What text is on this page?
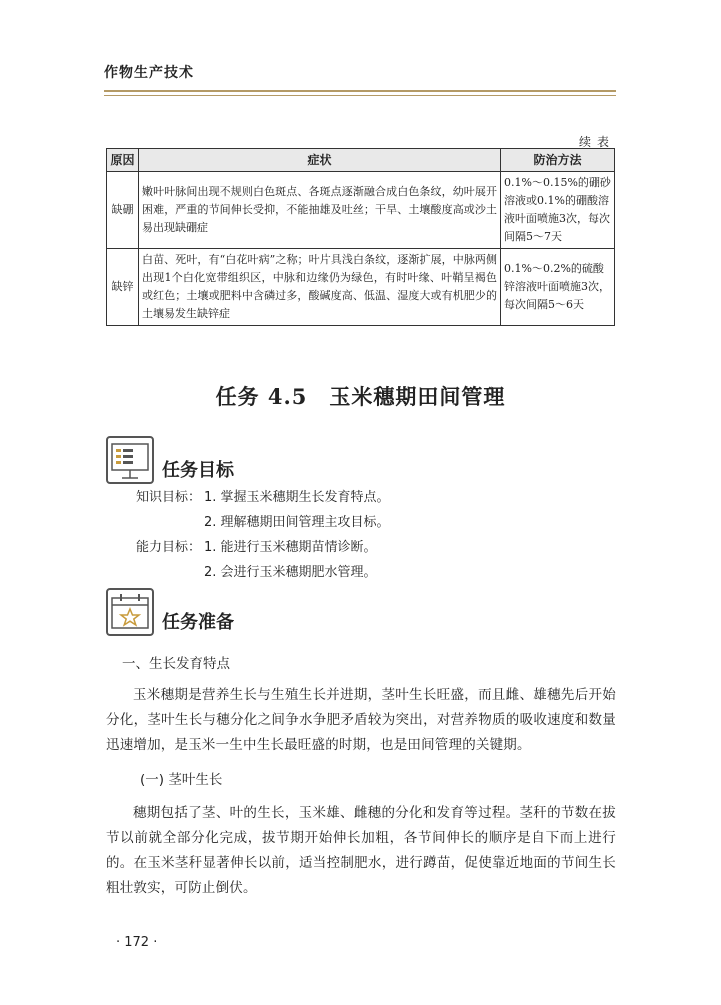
作物生产技术
续表
原因	症状	防治方法
缺硼	嫩叶叶脉间出现不规则白色斑点、各斑点逐渐融合成白色条纹，幼叶展开困难，严重的节间伸长受抑，不能抽雄及吐丝；干旱、土壤酸度高或沙土易出现缺硼症	0.1%～0.15%的硼砂溶液或0.1%的硼酸溶液叶面喷施3次，每次间隔5～7天
缺锌	白苗、死叶，有“白花叶病”之称；叶片具浅白条纹，逐渐扩展，中脉两侧出现1个白化宽带组织区，中脉和边缘仍为绿色，有时叶缘、叶鞘呈褐色或红色；土壤或肥料中含磷过多，酸碱度高、低温、湿度大或有机肥少的土壤易发生缺锌症	0.1%～0.2%的硫酸锌溶液叶面喷施3次，每次间隔5～6天
任务 4.5　玉米穗期田间管理
任务目标
知识目标： 1. 掌握玉米穗期生长发育特点。
2. 理解穗期田间管理主攻目标。
能力目标： 1. 能进行玉米穗期苗情诊断。
2. 会进行玉米穗期肥水管理。
任务准备
一、生长发育特点
玉米穗期是营养生长与生殖生长并进期，茎叶生长旺盛，而且雌、雄穗先后开始分化，茎叶生长与穗分化之间争水争肥矛盾较为突出，对营养物质的吸收速度和数量迅速增加，是玉米一生中生长最旺盛的时期，也是田间管理的关键期。
(一) 茎叶生长
穗期包括了茎、叶的生长，玉米雄、雌穗的分化和发育等过程。茎秆的节数在拔节以前就全部分化完成，拔节期开始伸长加粗，各节间伸长的顺序是自下而上进行的。在玉米茎秆显著伸长以前，适当控制肥水，进行蹲苗，促使靠近地面的节间生长粗壮敦实，可防止倒伏。
· 172 ·
